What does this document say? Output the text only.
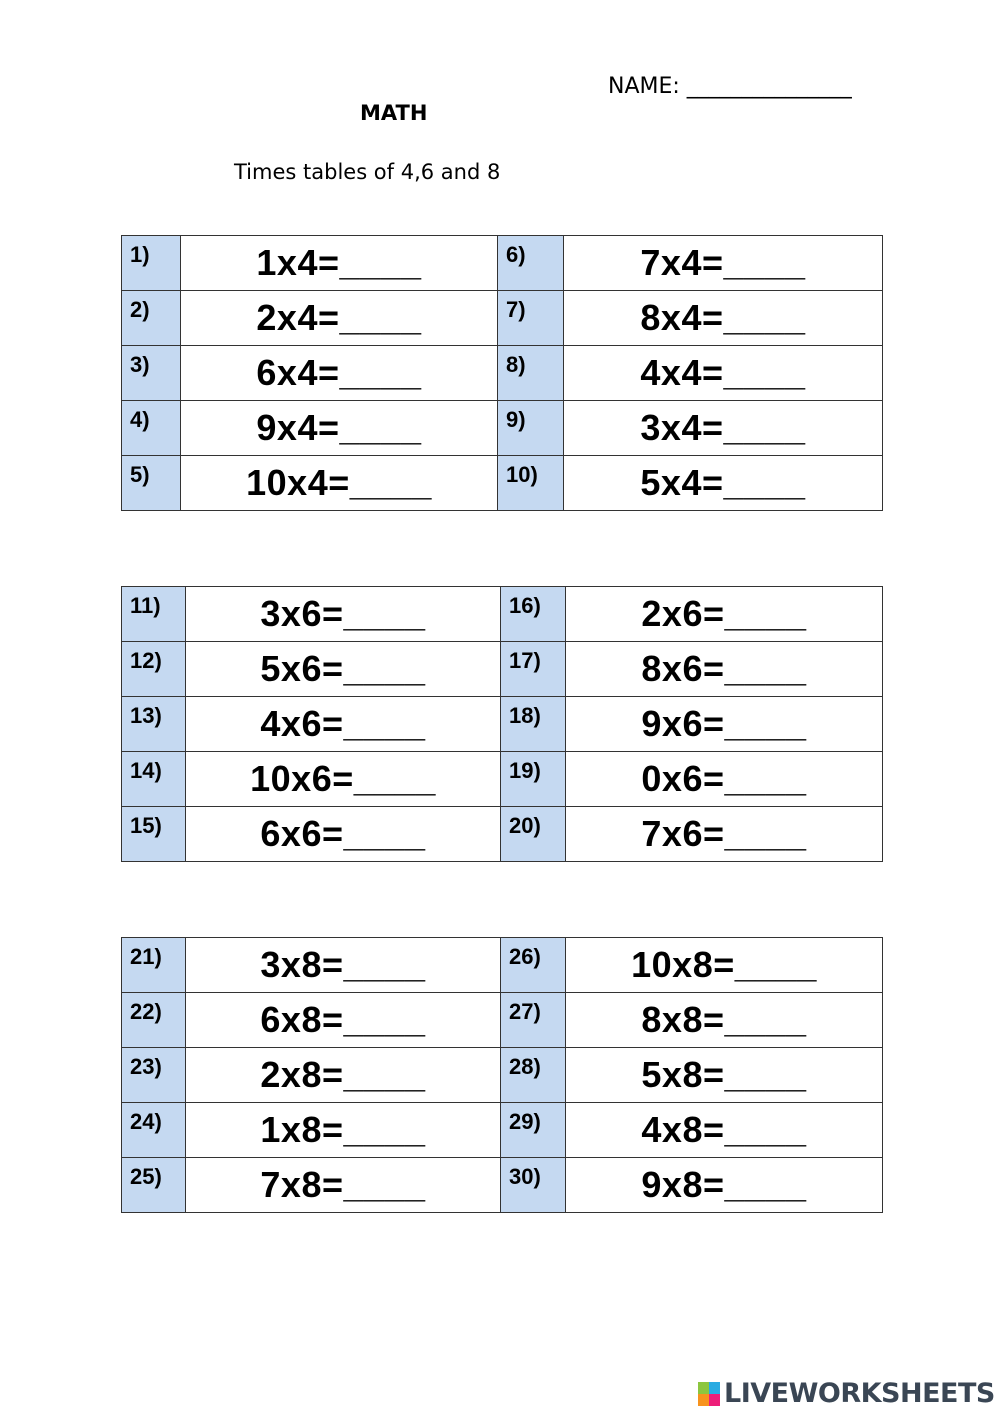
NAME: _______________
MATH
Times tables of 4,6 and 8
1)	1x4=____	6)	7x4=____

2)	2x4=____	7)	8x4=____

3)	6x4=____	8)	4x4=____

4)	9x4=____	9)	3x4=____

5)	10x4=____	10)	5x4=____
11)	3x6=____	16)	2x6=____

12)	5x6=____	17)	8x6=____

13)	4x6=____	18)	9x6=____

14)	10x6=____	19)	0x6=____

15)	6x6=____	20)	7x6=____
21)	3x8=____	26)	10x8=____

22)	6x8=____	27)	8x8=____

23)	2x8=____	28)	5x8=____

24)	1x8=____	29)	4x8=____

25)	7x8=____	30)	9x8=____
LIVEWORKSHEETS
